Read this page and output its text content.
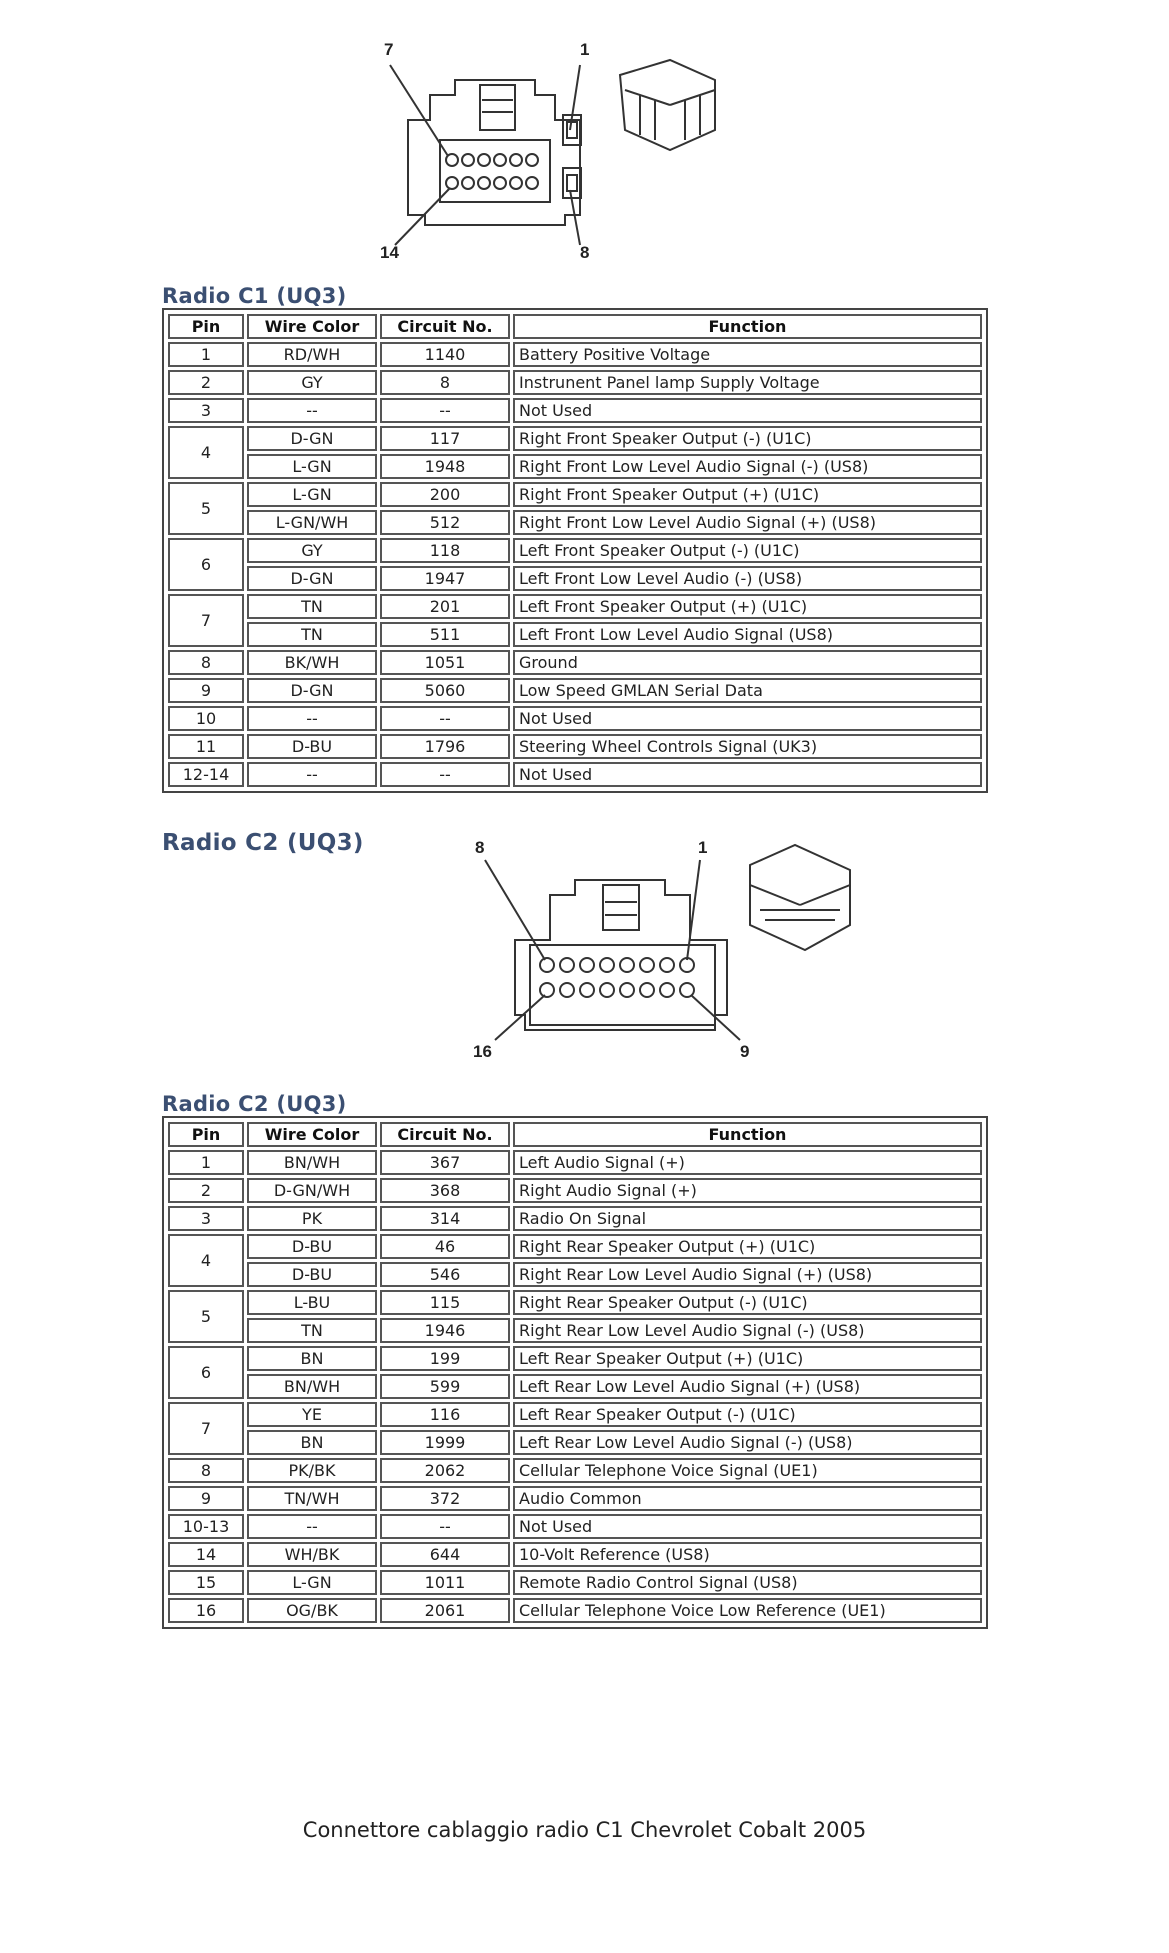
7	1
14	8
Radio C1 (UQ3)
Pin	Wire Color	Circuit No.	Function
1	RD/WH	1140	Battery Positive Voltage
2	GY	8	Instrunent Panel lamp Supply Voltage
3	--	--	Not Used
4	D-GN	117	Right Front Speaker Output (-) (U1C)
	L-GN	1948	Right Front Low Level Audio Signal (-) (US8)
5	L-GN	200	Right Front Speaker Output (+) (U1C)
	L-GN/WH	512	Right Front Low Level Audio Signal (+) (US8)
6	GY	118	Left Front Speaker Output (-) (U1C)
	D-GN	1947	Left Front Low Level Audio (-) (US8)
7	TN	201	Left Front Speaker Output (+) (U1C)
	TN	511	Left Front Low Level Audio Signal (US8)
8	BK/WH	1051	Ground
9	D-GN	5060	Low Speed GMLAN Serial Data
10	--	--	Not Used
11	D-BU	1796	Steering Wheel Controls Signal (UK3)
12-14	--	--	Not Used
Radio C2 (UQ3)	8	1
16	9
Radio C2 (UQ3)
Pin	Wire Color	Circuit No.	Function
1	BN/WH	367	Left Audio Signal (+)
2	D-GN/WH	368	Right Audio Signal (+)
3	PK	314	Radio On Signal
4	D-BU	46	Right Rear Speaker Output (+) (U1C)
	D-BU	546	Right Rear Low Level Audio Signal (+) (US8)
5	L-BU	115	Right Rear Speaker Output (-) (U1C)
	TN	1946	Right Rear Low Level Audio Signal (-) (US8)
6	BN	199	Left Rear Speaker Output (+) (U1C)
	BN/WH	599	Left Rear Low Level Audio Signal (+) (US8)
7	YE	116	Left Rear Speaker Output (-) (U1C)
	BN	1999	Left Rear Low Level Audio Signal (-) (US8)
8	PK/BK	2062	Cellular Telephone Voice Signal (UE1)
9	TN/WH	372	Audio Common
10-13	--	--	Not Used
14	WH/BK	644	10-Volt Reference (US8)
15	L-GN	1011	Remote Radio Control Signal (US8)
16	OG/BK	2061	Cellular Telephone Voice Low Reference (UE1)
Connettore cablaggio radio C1 Chevrolet Cobalt 2005
